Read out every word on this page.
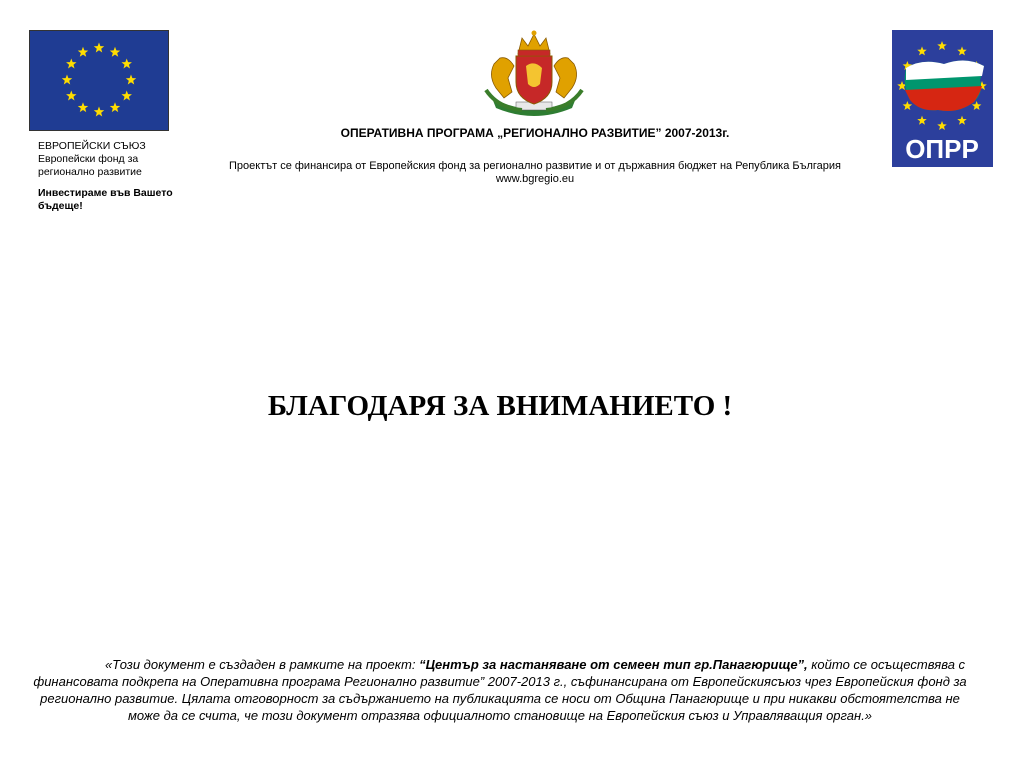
ЕВРОПЕЙСКИ СЪЮЗ
Европейски фонд за регионално развитие
Инвестираме във Вашето бъдеще!
ОПРР
ОПЕРАТИВНА ПРОГРАМА „РЕГИОНАЛНО РАЗВИТИЕ” 2007-2013г.
Проектът се финансира от Европейския фонд за регионално развитие и от държавния бюджет на Република България
www.bgregio.eu
БЛАГОДАРЯ ЗА ВНИМАНИЕТО !
«Този документ е създаден в рамките на проект: “Център за настаняване от семеен тип гр.Панагюрище”, който се осъществява с финансовата подкрепа на Оперативна програма Регионално развитие” 2007-2013 г., съфинансирана от Европейскиясъюз чрез Европейския фонд за регионално развитие. Цялата отговорност за съдържанието на публикацията се носи от Община Панагюрище и при никакви обстоятелства не може да се счита, че този документ отразява официалното становище на Европейския съюз и Управляващия орган.»
